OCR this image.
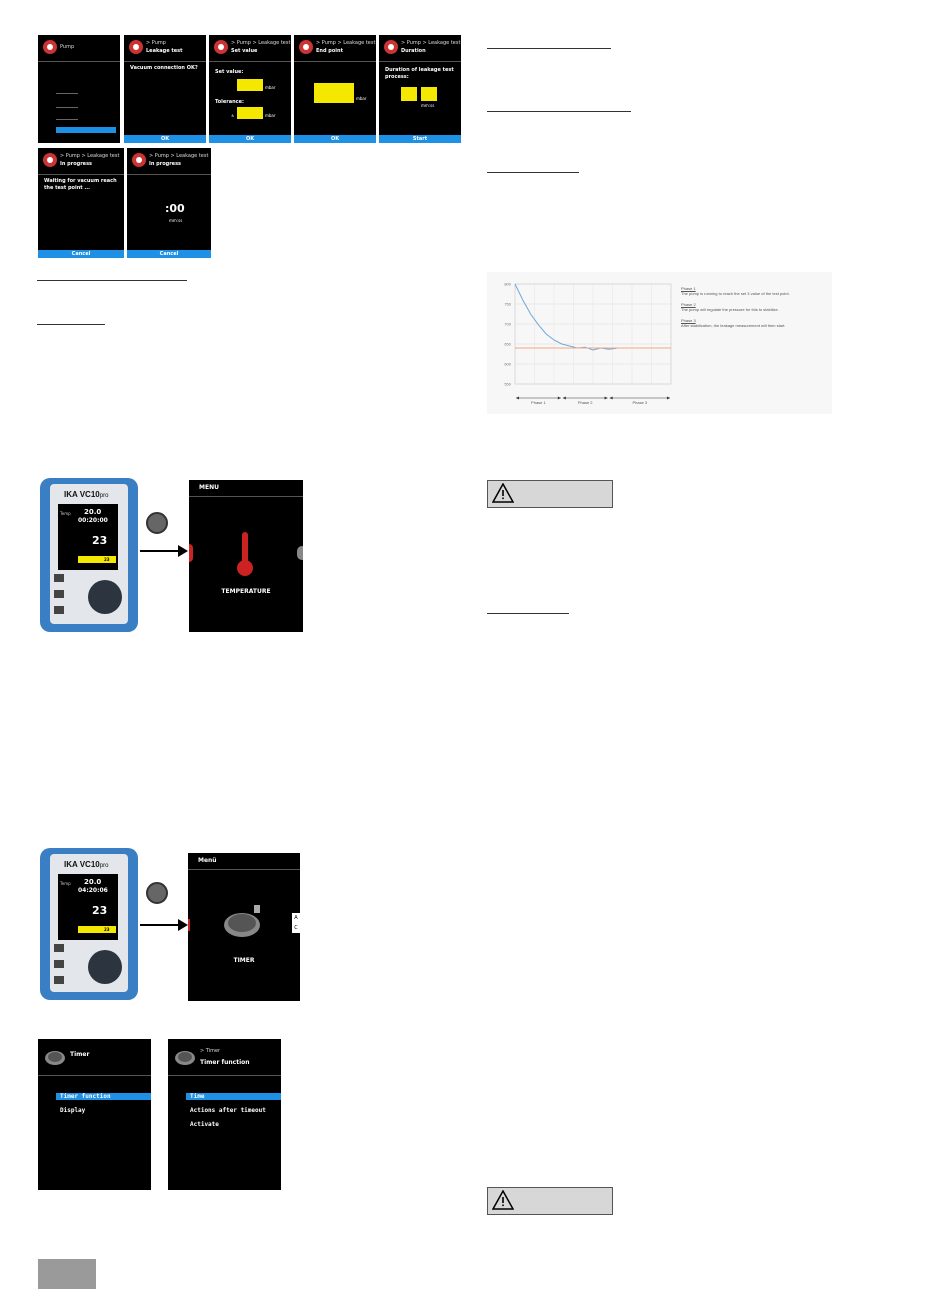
Pump
> Pump
Leakage test
Vacuum connection OK?
OK
> Pump > Leakage test
Set value
Set value:
mbar
Tolerance:
±	mbar
OK
> Pump > Leakage test
End point
mbar
OK
> Pump > Leakage test
Duration
Duration of leakage test process:
mm:ss
Start
> Pump > Leakage test
In progress
Waiting for vacuum reach the test point ...
Cancel
> Pump > Leakage test
In progress
:00
mm:ss
Cancel
800
750
700
650
600
550
Phase 1	Phase 2	Phase 3
Phase 1
The pump is running to reach the set 3 value of the test point.
Phase 2
The pump will regulate the pressure for this to stabilize.
Phase 3
After stabilization, the leakage measurement will then start.
IKA VC10pro
Temp 20.0
00:20:00
23
23
MENU
TEMPERATURE
IKA VC10pro
Temp 20.0
04:20:06
23
23
Menü
A
C
TIMER
Timer
Timer function
Display
> Timer
Timer function
Time
Actions after timeout
Activate
